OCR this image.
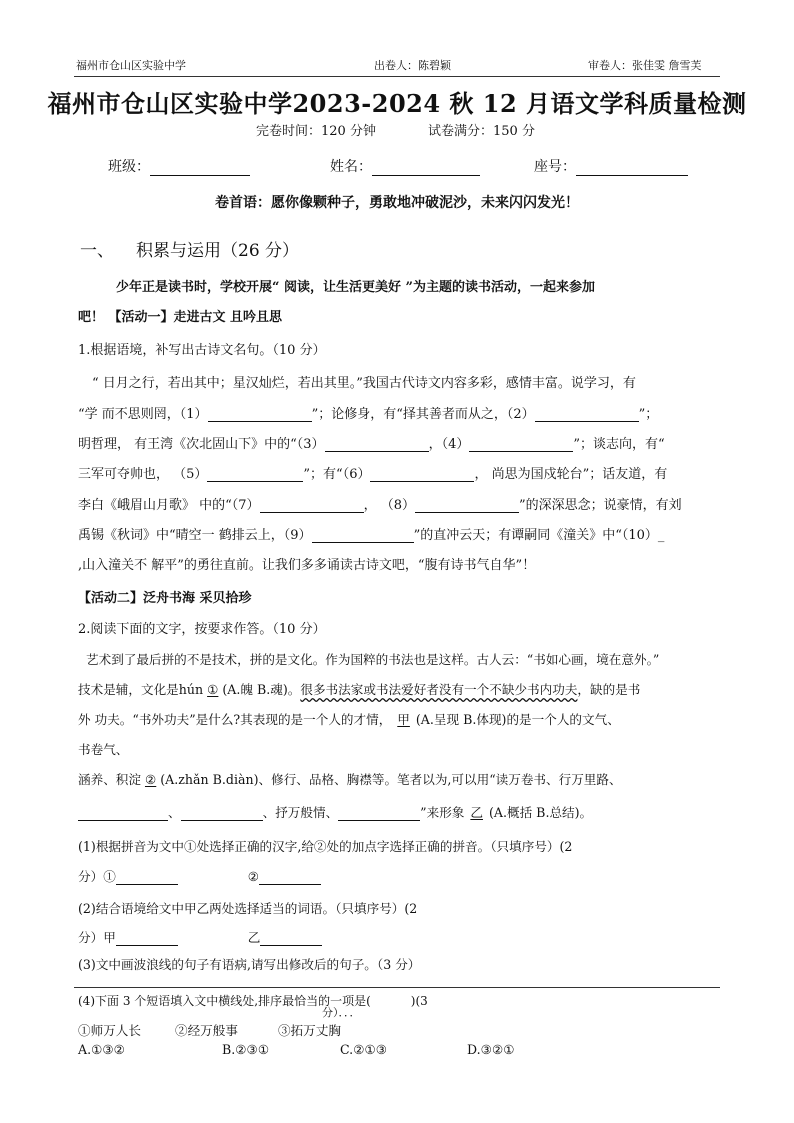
福州市仓山区实验中学	出卷人：陈碧颖	审卷人：张佳雯 詹雪芙
福州市仓山区实验中学2023-2024 秋 12 月语文学科质量检测
完卷时间：120 分钟	试卷满分：150 分
班级：	姓名：	座号：
卷首语：愿你像颗种子，勇敢地冲破泥沙，未来闪闪发光！
一、 积累与运用（26 分）
少年正是读书时，学校开展“ 阅读，让生活更美好 ”为主题的读书活动，一起来参加
吧！ 【活动一】走进古文 且吟且思
1.根据语境，补写出古诗文名句。（10 分）
“ 日月之行，若出其中；星汉灿烂，若出其里。”我国古代诗文内容多彩，感情丰富。说学习，有
“学 而不思则罔，（1）	”；论修身，有“择其善者而从之，（2）	”；
明哲理， 有王湾《次北固山下》中的“（3）	，（4）	”；谈志向，有“
三军可夺帅也， （5）	”；有“（6）	， 尚思为国戍轮台”；话友道，有
李白《峨眉山月歌》 中的“（7）	， （8）	”的深深思念；说豪情，有刘
禹锡《秋词》中“晴空一 鹤排云上，（9）	”的直冲云天；有谭嗣同《潼关》中“（10）_
,山入潼关不 解平”的勇往直前。让我们多多诵读古诗文吧，“腹有诗书气自华”！
【活动二】泛舟书海 采贝拾珍
2.阅读下面的文字，按要求作答。（10 分）
艺术到了最后拼的不是技术，拼的是文化。作为国粹的书法也是这样。古人云：“书如心画，境在意外。”
技术是辅，文化是hún ① (A.魄 B.魂)。很多书法家或书法爱好者没有一个不缺少书内功夫，缺的是书
外 功夫。“书外功夫”是什么?其表现的是一个人的才情， 甲 (A.呈现 B.体现)的是一个人的文气、
书卷气、
涵养、积淀 ② (A.zhǎn B.diàn)、修行、品格、胸襟等。笔者以为,可以用“读万卷书、行万里路、
、	、抒万般情、	”来形象 乙 (A.概括 B.总结)。
(1)根据拼音为文中①处选择正确的汉字,给②处的加点字选择正确的拼音。（只填序号）(2
分）①	②
(2)结合语境给文中甲乙两处选择适当的词语。（只填序号）(2
分）甲	乙
(3)文中画波浪线的句子有语病,请写出修改后的句子。（3 分）
(4)下面 3 个短语填入文中横线处,排序最恰当的一项是(	)(3
分）．．．
①师万人长	②经万般事	③拓万丈胸
A.①③②	B.②③①	C.②①③	D.③②①
